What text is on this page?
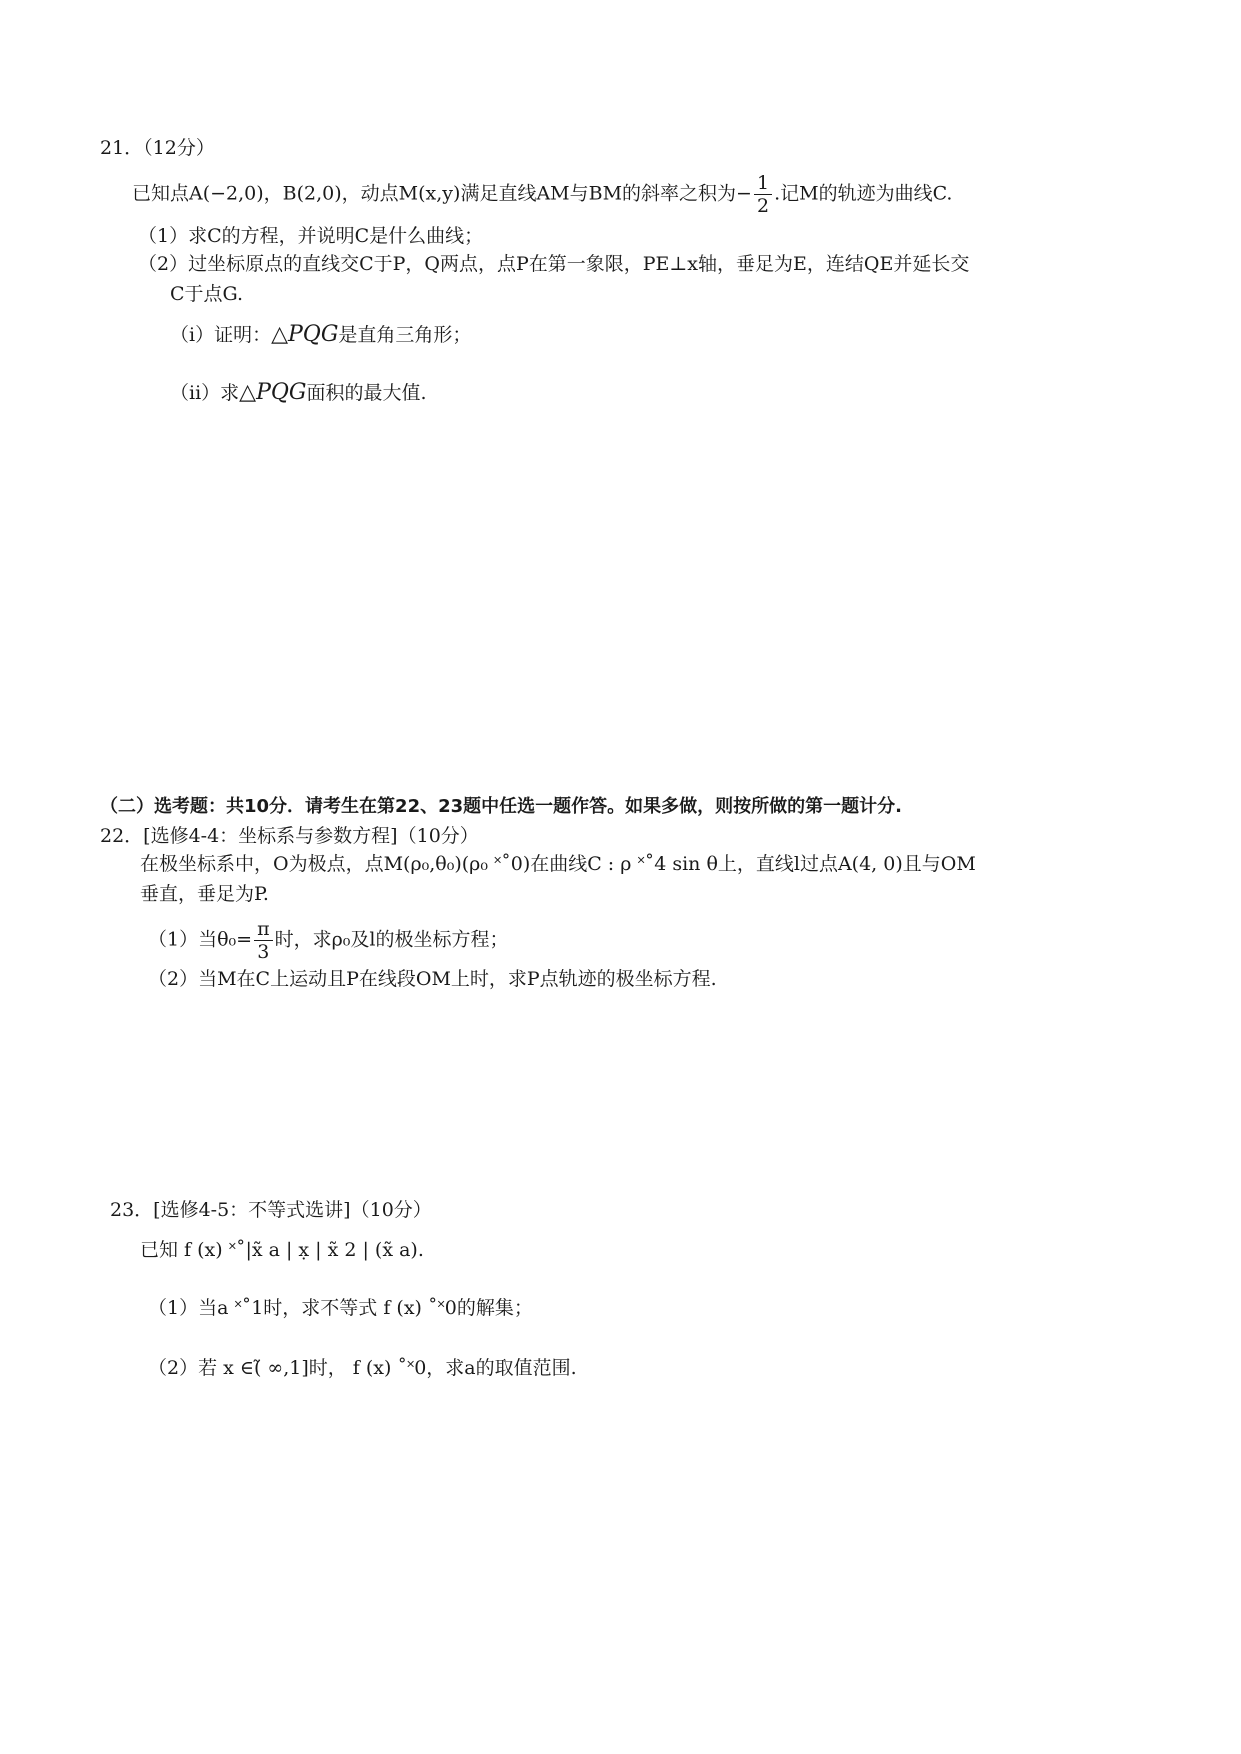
21．（12分）
已知点A(−2,0)，B(2,0)，动点M(x,y)满足直线AM与BM的斜率之积为− $\frac{1}{2}$ .记M的轨迹为曲线C.
（1）求C的方程，并说明C是什么曲线；
（2）过坐标原点的直线交C于P，Q两点，点P在第一象限，PE⊥x轴，垂足为E，连结QE并延长交
C于点G.
（i）证明：△PQG是直角三角形；
（ii）求△PQG面积的最大值.
（二）选考题：共10分．请考生在第22、23题中任选一题作答。如果多做，则按所做的第一题计分.
22．[选修4-4：坐标系与参数方程]（10分）
在极坐标系中，O为极点，点M(ρ₀,θ₀)(ρ₀ ˟˚0)在曲线C : ρ ˟˚4 sin θ上，直线l过点A(4, 0)且与OM
垂直，垂足为P.
（1）当$\theta_0= \frac{\pi}{3}$ 时，求ρ₀及l的极坐标方程；
（2）当M在C上运动且P在线段OM上时，求P点轨迹的极坐标方程.
23．[选修4-5：不等式选讲]（10分）
已知 f (x) ˟˚|x̃ a | x̣ | x̃ 2 | (x̃ a).
（1）当a ˟˚1时，求不等式 f (x) ˚˟0的解集；
（2）若 x ∈(̃ ∞,1]时， f (x) ˚˟0，求a的取值范围.
